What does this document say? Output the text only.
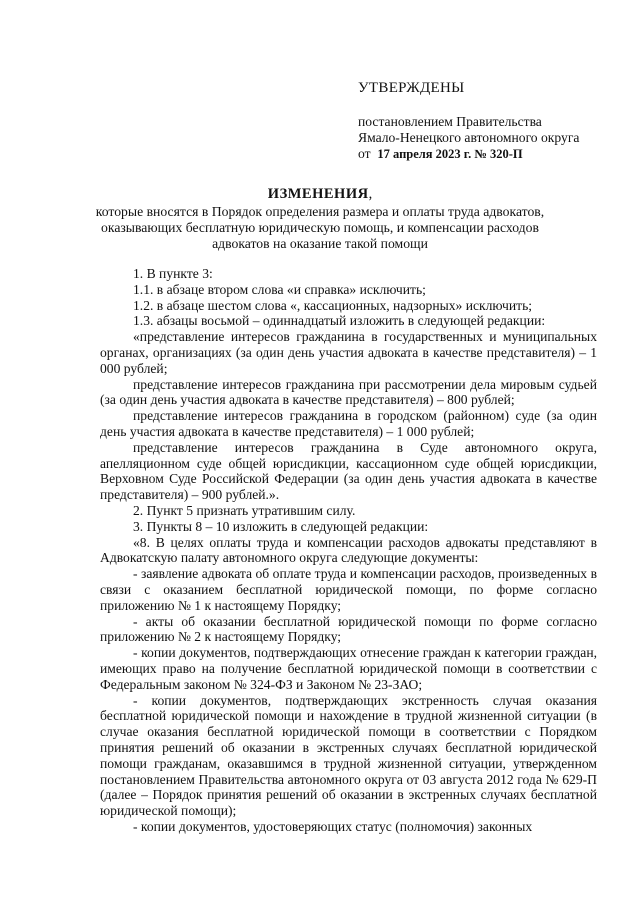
УТВЕРЖДЕНЫ
постановлением Правительства
Ямало-Ненецкого автономного округа
от 17 апреля 2023 г. № 320-П
ИЗМЕНЕНИЯ,
которые вносятся в Порядок определения размера и оплаты труда адвокатов, оказывающих бесплатную юридическую помощь, и компенсации расходов адвокатов на оказание такой помощи

1. В пункте 3:

1.1. в абзаце втором слова «и справка» исключить;

1.2. в абзаце шестом слова «, кассационных, надзорных» исключить;

1.3. абзацы восьмой – одиннадцатый изложить в следующей редакции:

«представление интересов гражданина в государственных и муниципальных органах, организациях (за один день участия адвоката в качестве представителя) – 1 000 рублей;

представление интересов гражданина при рассмотрении дела мировым судьей (за один день участия адвоката в качестве представителя) – 800 рублей;

представление интересов гражданина в городском (районном) суде (за один день участия адвоката в качестве представителя) – 1 000 рублей;

представление интересов гражданина в Суде автономного округа, апелляционном суде общей юрисдикции, кассационном суде общей юрисдикции, Верховном Суде Российской Федерации (за один день участия адвоката в качестве представителя) – 900 рублей.».

2. Пункт 5 признать утратившим силу.

3. Пункты 8 – 10 изложить в следующей редакции:

«8. В целях оплаты труда и компенсации расходов адвокаты представляют в Адвокатскую палату автономного округа следующие документы:

- заявление адвоката об оплате труда и компенсации расходов, произведенных в связи с оказанием бесплатной юридической помощи, по форме согласно приложению № 1 к настоящему Порядку;

- акты об оказании бесплатной юридической помощи по форме согласно приложению № 2 к настоящему Порядку;

- копии документов, подтверждающих отнесение граждан к категории граждан, имеющих право на получение бесплатной юридической помощи в соответствии с Федеральным законом № 324-ФЗ и Законом № 23-ЗАО;

- копии документов, подтверждающих экстренность случая оказания бесплатной юридической помощи и нахождение в трудной жизненной ситуации (в случае оказания бесплатной юридической помощи в соответствии с Порядком принятия решений об оказании в экстренных случаях бесплатной юридической помощи гражданам, оказавшимся в трудной жизненной ситуации, утвержденном постановлением Правительства автономного округа от 03 августа 2012 года № 629-П (далее – Порядок принятия решений об оказании в экстренных случаях бесплатной юридической помощи);

- копии документов, удостоверяющих статус (полномочия) законных
